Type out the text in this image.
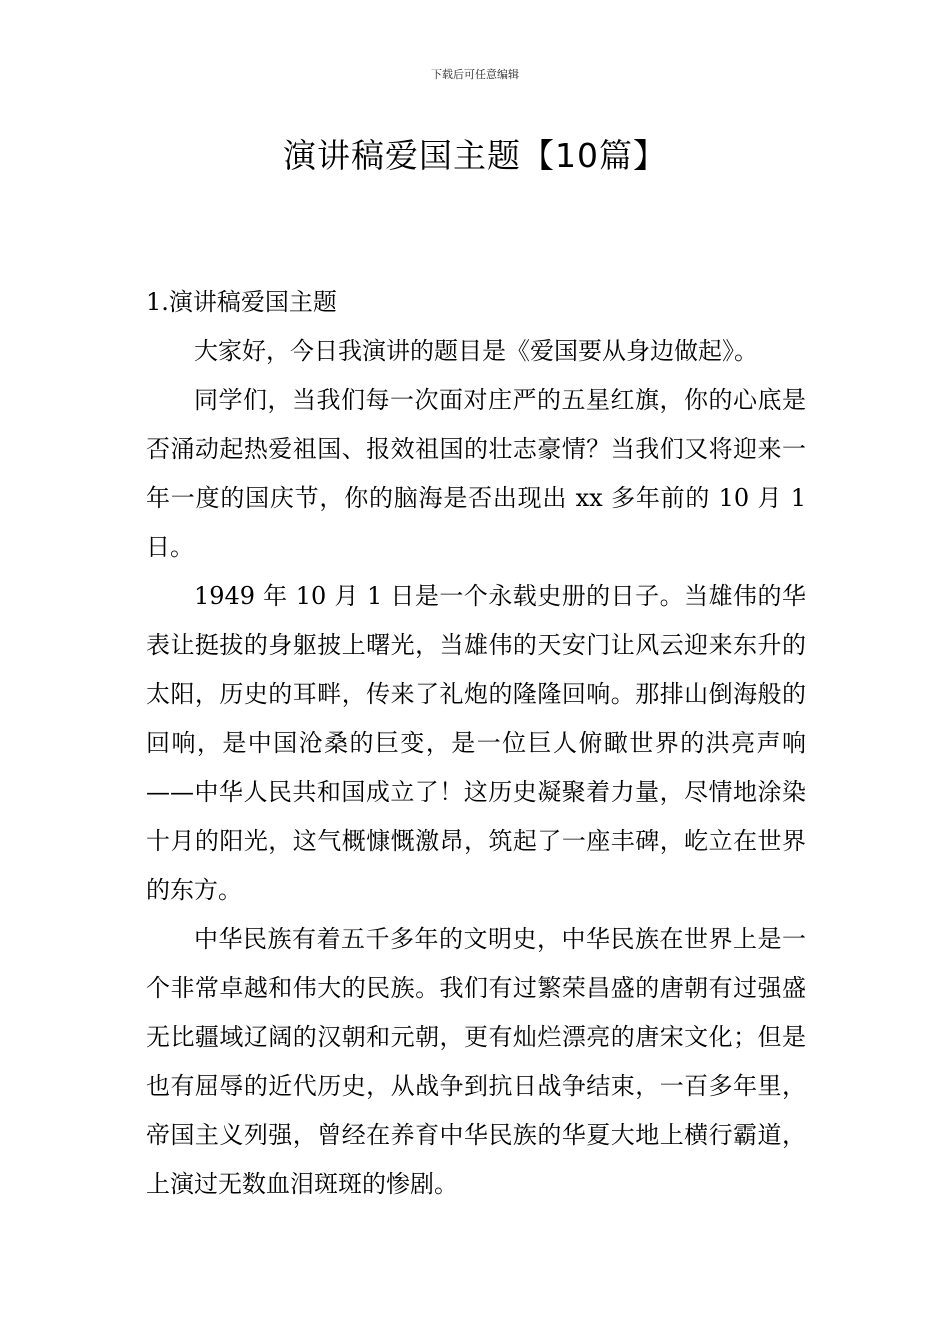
下载后可任意编辑
演讲稿爱国主题【10篇】
1.演讲稿爱国主题

大家好，今日我演讲的题目是《爱国要从身边做起》。

同学们，当我们每一次面对庄严的五星红旗，你的心底是否涌动起热爱祖国、报效祖国的壮志豪情？当我们又将迎来一年一度的国庆节，你的脑海是否出现出 xx 多年前的 10 月 1 日。

1949 年 10 月 1 日是一个永载史册的日子。当雄伟的华表让挺拔的身躯披上曙光，当雄伟的天安门让风云迎来东升的太阳，历史的耳畔，传来了礼炮的隆隆回响。那排山倒海般的回响，是中国沧桑的巨变，是一位巨人俯瞰世界的洪亮声响——中华人民共和国成立了！这历史凝聚着力量，尽情地涂染十月的阳光，这气概慷慨激昂，筑起了一座丰碑，屹立在世界的东方。

中华民族有着五千多年的文明史，中华民族在世界上是一个非常卓越和伟大的民族。我们有过繁荣昌盛的唐朝有过强盛无比疆域辽阔的汉朝和元朝，更有灿烂漂亮的唐宋文化；但是也有屈辱的近代历史，从战争到抗日战争结束，一百多年里，帝国主义列强，曾经在养育中华民族的华夏大地上横行霸道，上演过无数血泪斑斑的惨剧。
